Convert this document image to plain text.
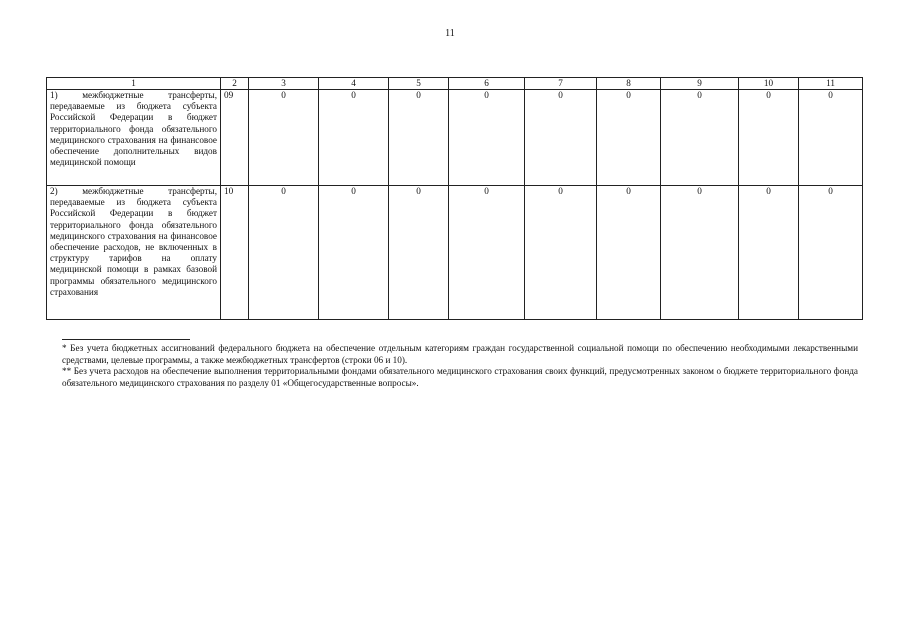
11
1	2	3	4	5	6	7	8	9	10	11
1) межбюджетные трансферты, передаваемые из бюджета субъекта Российской Федерации в бюджет территориального фонда обязательного медицинского страхования на финансовое обеспечение дополнительных видов медицинской помощи	09	0	0	0	0	0	0	0	0	0
2) межбюджетные трансферты, передаваемые из бюджета субъекта Российской Федерации в бюджет территориального фонда обязательного медицинского страхования на финансовое обеспечение расходов, не включенных в структуру тарифов на оплату медицинской помощи в рамках базовой программы обязательного медицинского страхования	10	0	0	0	0	0	0	0	0	0

* Без учета бюджетных ассигнований федерального бюджета на обеспечение отдельным категориям граждан государственной социальной помощи по обеспечению необходимыми лекарственными средствами, целевые программы, а также межбюджетных трансфертов (строки 06 и 10).

** Без учета расходов на обеспечение выполнения территориальными фондами обязательного медицинского страхования своих функций, предусмотренных законом о бюджете территориального фонда обязательного медицинского страхования по разделу 01 «Общегосударственные вопросы».
